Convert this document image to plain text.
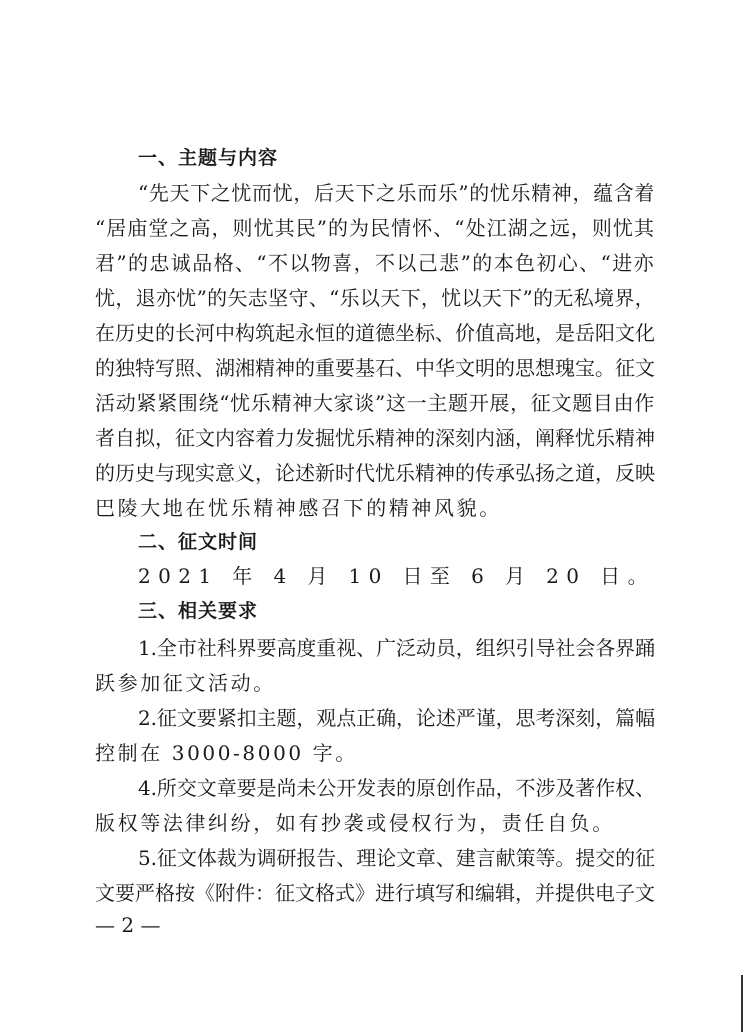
一、主题与内容
“先天下之忧而忧，后天下之乐而乐”的忧乐精神，蕴含着
“居庙堂之高，则忧其民”的为民情怀、“处江湖之远，则忧其
君”的忠诚品格、“不以物喜，不以己悲”的本色初心、“进亦
忧，退亦忧”的矢志坚守、“乐以天下，忧以天下”的无私境界，
在历史的长河中构筑起永恒的道德坐标、价值高地，是岳阳文化
的独特写照、湖湘精神的重要基石、中华文明的思想瑰宝。征文
活动紧紧围绕“忧乐精神大家谈”这一主题开展，征文题目由作
者自拟，征文内容着力发掘忧乐精神的深刻内涵，阐释忧乐精神
的历史与现实意义，论述新时代忧乐精神的传承弘扬之道，反映
巴陵大地在忧乐精神感召下的精神风貌。
二、征文时间
2021 年 4 月 10 日至 6 月 20 日。
三、相关要求
1.全市社科界要高度重视、广泛动员，组织引导社会各界踊
跃参加征文活动。
2.征文要紧扣主题，观点正确，论述严谨，思考深刻，篇幅
控制在 3000-8000 字。
4.所交文章要是尚未公开发表的原创作品，不涉及著作权、
版权等法律纠纷，如有抄袭或侵权行为，责任自负。
5.征文体裁为调研报告、理论文章、建言献策等。提交的征
文要严格按《附件：征文格式》进行填写和编辑，并提供电子文
— 2 —
